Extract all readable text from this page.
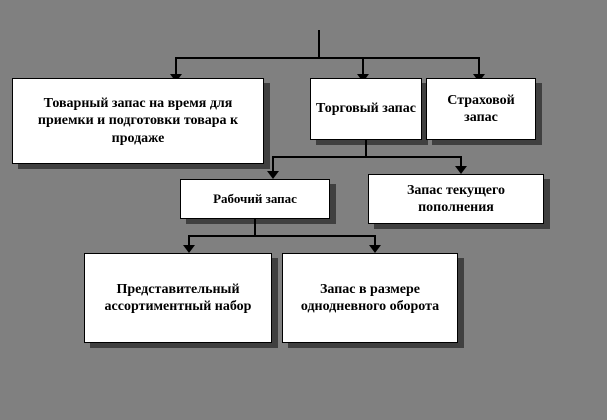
Товарный запас на время для приемки и подготовки товара к продаже
Торговый запас
Страховой запас
Рабочий запас
Запас текущего пополнения
Представительный ассортиментный набор
Запас в размере однодневного оборота
